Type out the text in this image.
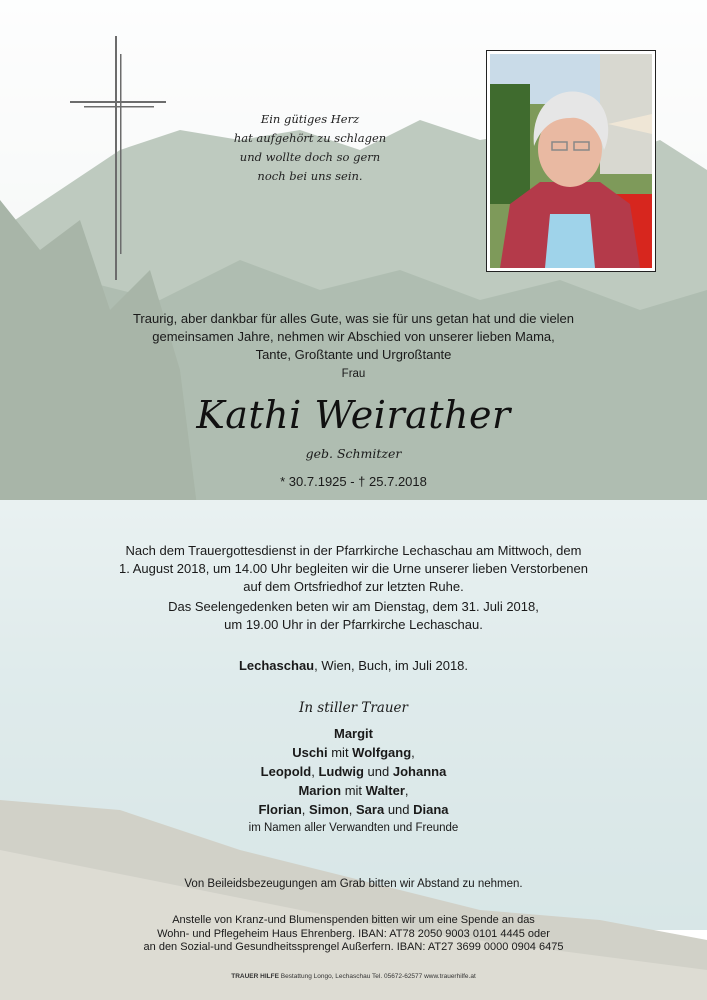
Ein gütiges Herz
hat aufgehört zu schlagen
und wollte doch so gern
noch bei uns sein.
Traurig, aber dankbar für alles Gute, was sie für uns getan hat und die vielen
gemeinsamen Jahre, nehmen wir Abschied von unserer lieben Mama,
Tante, Großtante und Urgroßtante
Frau
Kathi Weirather
geb. Schmitzer
* 30.7.1925 - † 25.7.2018
Nach dem Trauergottesdienst in der Pfarrkirche Lechaschau am Mittwoch, dem
1. August 2018, um 14.00 Uhr begleiten wir die Urne unserer lieben Verstorbenen
auf dem Ortsfriedhof zur letzten Ruhe.
Das Seelengedenken beten wir am Dienstag, dem 31. Juli 2018,
um 19.00 Uhr in der Pfarrkirche Lechaschau.
Lechaschau, Wien, Buch, im Juli 2018.
In stiller Trauer
Margit
Uschi mit Wolfgang,
Leopold, Ludwig und Johanna
Marion mit Walter,
Florian, Simon, Sara und Diana
im Namen aller Verwandten und Freunde
Von Beileidsbezeugungen am Grab bitten wir Abstand zu nehmen.
Anstelle von Kranz-und Blumenspenden bitten wir um eine Spende an das
Wohn- und Pflegeheim Haus Ehrenberg. IBAN: AT78 2050 9003 0101 4445 oder
an den Sozial-und Gesundheitssprengel Außerfern. IBAN: AT27 3699 0000 0904 6475
TRAUER HILFE Bestattung Longo, Lechaschau Tel. 05672-62577 www.trauerhilfe.at
